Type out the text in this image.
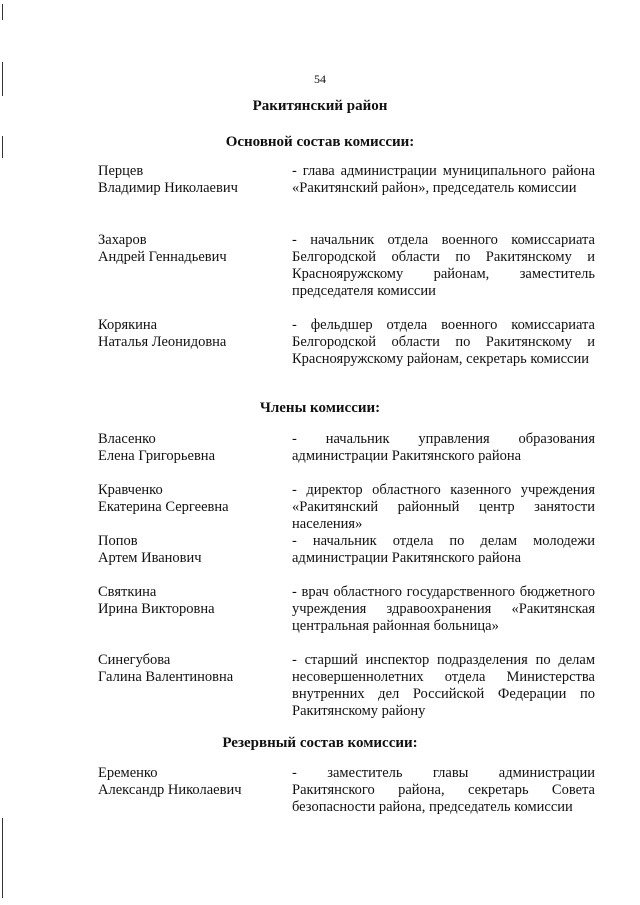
54
Ракитянский район
Основной состав комиссии:
Перцев
Владимир Николаевич
- глава администрации муниципального района «Ракитянский район», председатель комиссии
Захаров
Андрей Геннадьевич
- начальник отдела военного комиссариата Белгородской области по Ракитянскому и Краснояружскому районам, заместитель председателя комиссии
Корякина
Наталья Леонидовна
- фельдшер отдела военного комиссариата Белгородской области по Ракитянскому и Краснояружскому районам, секретарь комиссии
Члены комиссии:
Власенко
Елена Григорьевна
- начальник управления образования администрации Ракитянского района
Кравченко
Екатерина Сергеевна
- директор областного казенного учреждения «Ракитянский районный центр занятости населения»
Попов
Артем Иванович
- начальник отдела по делам молодежи администрации Ракитянского района
Святкина
Ирина Викторовна
- врач областного государственного бюджетного учреждения здравоохранения «Ракитянская центральная районная больница»
Синегубова
Галина Валентиновна
- старший инспектор подразделения по делам несовершеннолетних отдела Министерства внутренних дел Российской Федерации по Ракитянскому району
Резервный состав комиссии:
Еременко
Александр Николаевич
- заместитель главы администрации Ракитянского района, секретарь Совета безопасности района, председатель комиссии
